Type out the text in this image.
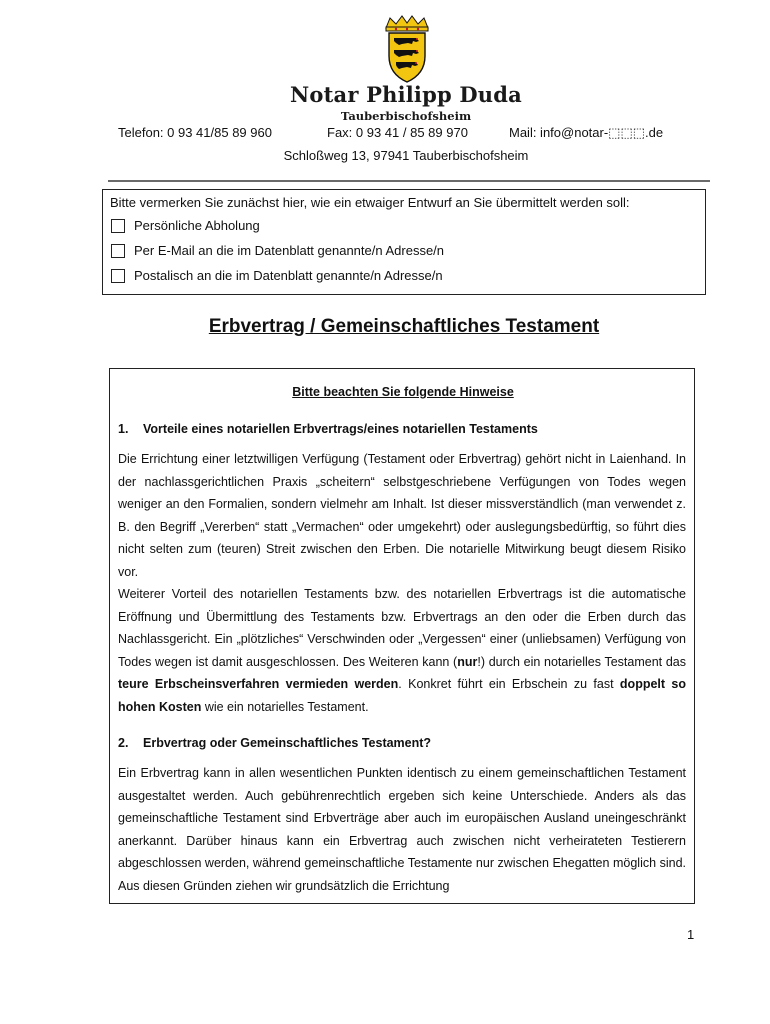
Notar Philipp Duda
Tauberbischofsheim
Telefon: 0 93 41/85 89 960	Fax: 0 93 41 / 85 89 970	Mail: info@notar-⬚⬚⬚.de
Schloßweg 13, 97941 Tauberbischofsheim
Bitte vermerken Sie zunächst hier, wie ein etwaiger Entwurf an Sie übermittelt werden soll:
Persönliche Abholung
Per E-Mail an die im Datenblatt genannte/n Adresse/n
Postalisch an die im Datenblatt genannte/n Adresse/n
Erbvertrag / Gemeinschaftliches Testament
Bitte beachten Sie folgende Hinweise
1. Vorteile eines notariellen Erbvertrags/eines notariellen Testaments

Die Errichtung einer letztwilligen Verfügung (Testament oder Erbvertrag) gehört nicht in Laienhand. In der nachlassgerichtlichen Praxis „scheitern“ selbstgeschriebene Verfügungen von Todes wegen weniger an den Formalien, sondern vielmehr am Inhalt. Ist dieser missverständlich (man verwendet z. B. den Begriff „Vererben“ statt „Vermachen“ oder umgekehrt) oder auslegungsbedürftig, so führt dies nicht selten zum (teuren) Streit zwischen den Erben. Die notarielle Mitwirkung beugt diesem Risiko vor.

Weiterer Vorteil des notariellen Testaments bzw. des notariellen Erbvertrags ist die automatische Eröffnung und Übermittlung des Testaments bzw. Erbvertrags an den oder die Erben durch das Nachlassgericht. Ein „plötzliches“ Verschwinden oder „Vergessen“ einer (unliebsamen) Verfügung von Todes wegen ist damit ausgeschlossen. Des Weiteren kann (nur!) durch ein notarielles Testament das teure Erbscheinsverfahren vermieden werden. Konkret führt ein Erbschein zu fast doppelt so hohen Kosten wie ein notarielles Testament.

2. Erbvertrag oder Gemeinschaftliches Testament?

Ein Erbvertrag kann in allen wesentlichen Punkten identisch zu einem gemeinschaftlichen Testament ausgestaltet werden. Auch gebührenrechtlich ergeben sich keine Unterschiede. Anders als das gemeinschaftliche Testament sind Erbverträge aber auch im europäischen Ausland uneingeschränkt anerkannt. Darüber hinaus kann ein Erbvertrag auch zwischen nicht verheirateten Testierern abgeschlossen werden, während gemeinschaftliche Testamente nur zwischen Ehegatten möglich sind. Aus diesen Gründen ziehen wir grundsätzlich die Errichtung

1
